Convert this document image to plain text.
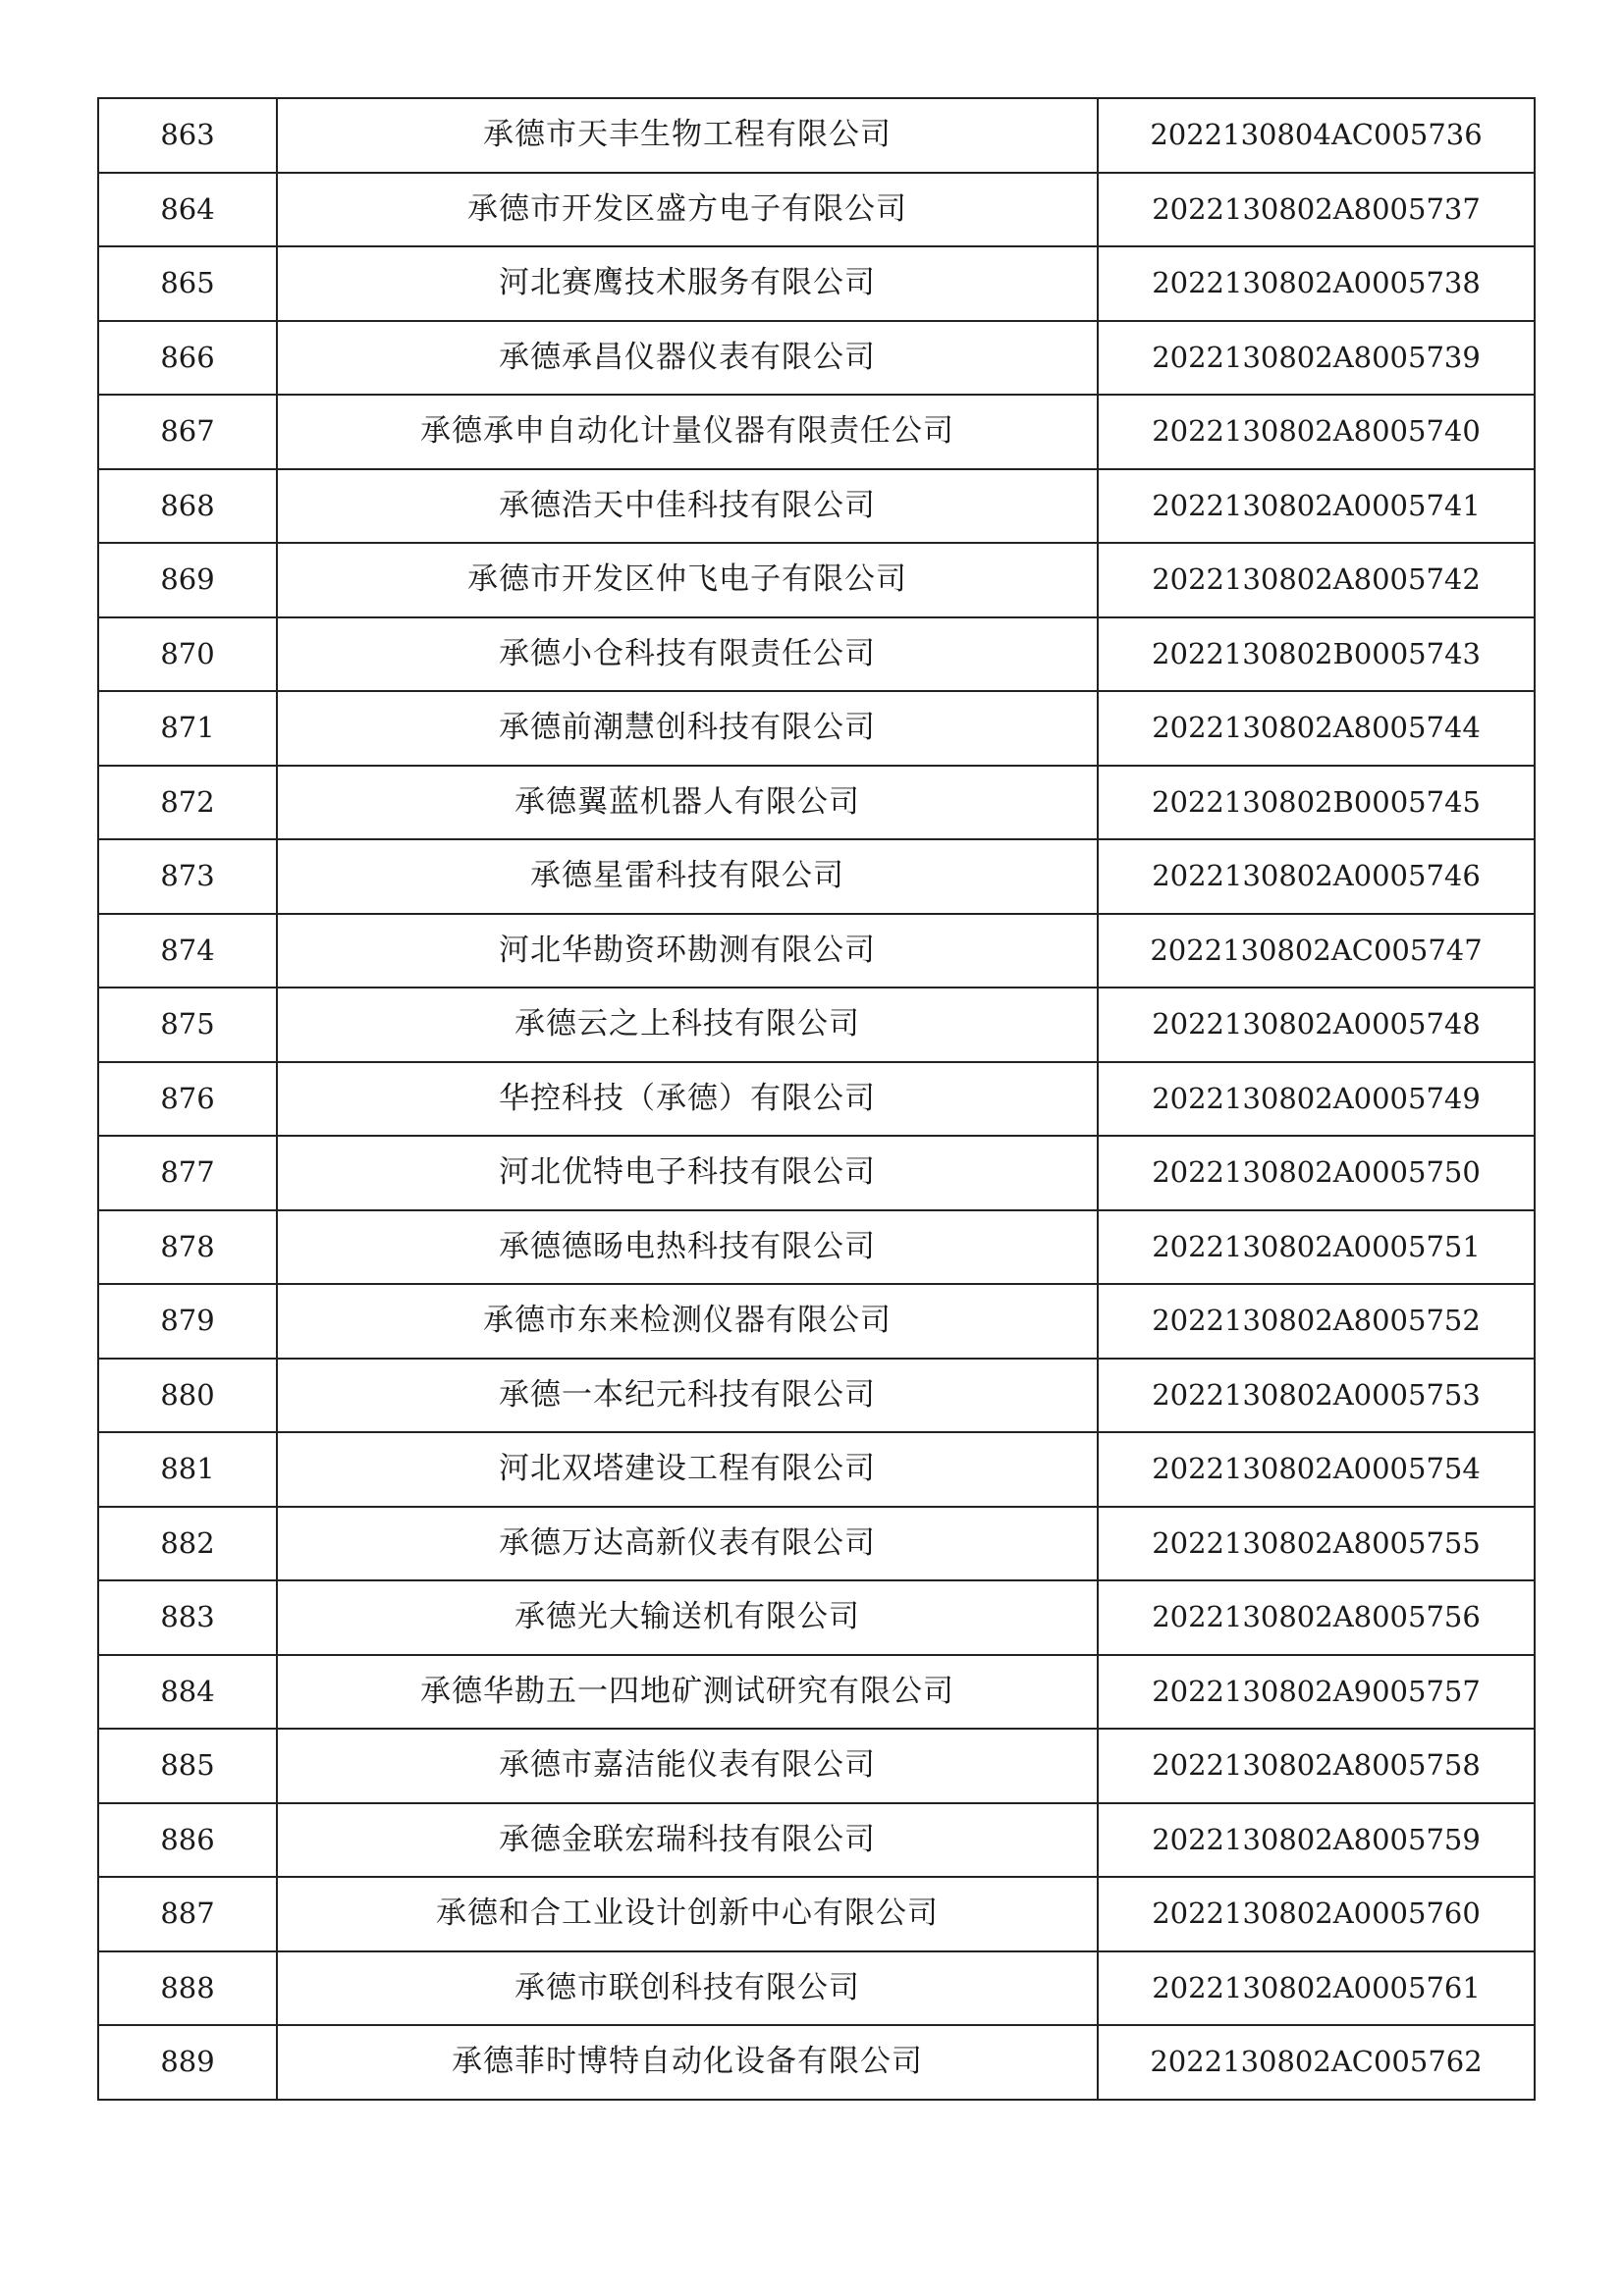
863	承德市天丰生物工程有限公司	2022130804AC005736
864	承德市开发区盛方电子有限公司	2022130802A8005737
865	河北赛鹰技术服务有限公司	2022130802A0005738
866	承德承昌仪器仪表有限公司	2022130802A8005739
867	承德承申自动化计量仪器有限责任公司	2022130802A8005740
868	承德浩天中佳科技有限公司	2022130802A0005741
869	承德市开发区仲飞电子有限公司	2022130802A8005742
870	承德小仓科技有限责任公司	2022130802B0005743
871	承德前潮慧创科技有限公司	2022130802A8005744
872	承德翼蓝机器人有限公司	2022130802B0005745
873	承德星雷科技有限公司	2022130802A0005746
874	河北华勘资环勘测有限公司	2022130802AC005747
875	承德云之上科技有限公司	2022130802A0005748
876	华控科技（承德）有限公司	2022130802A0005749
877	河北优特电子科技有限公司	2022130802A0005750
878	承德德旸电热科技有限公司	2022130802A0005751
879	承德市东来检测仪器有限公司	2022130802A8005752
880	承德一本纪元科技有限公司	2022130802A0005753
881	河北双塔建设工程有限公司	2022130802A0005754
882	承德万达高新仪表有限公司	2022130802A8005755
883	承德光大输送机有限公司	2022130802A8005756
884	承德华勘五一四地矿测试研究有限公司	2022130802A9005757
885	承德市嘉洁能仪表有限公司	2022130802A8005758
886	承德金联宏瑞科技有限公司	2022130802A8005759
887	承德和合工业设计创新中心有限公司	2022130802A0005760
888	承德市联创科技有限公司	2022130802A0005761
889	承德菲时博特自动化设备有限公司	2022130802AC005762
